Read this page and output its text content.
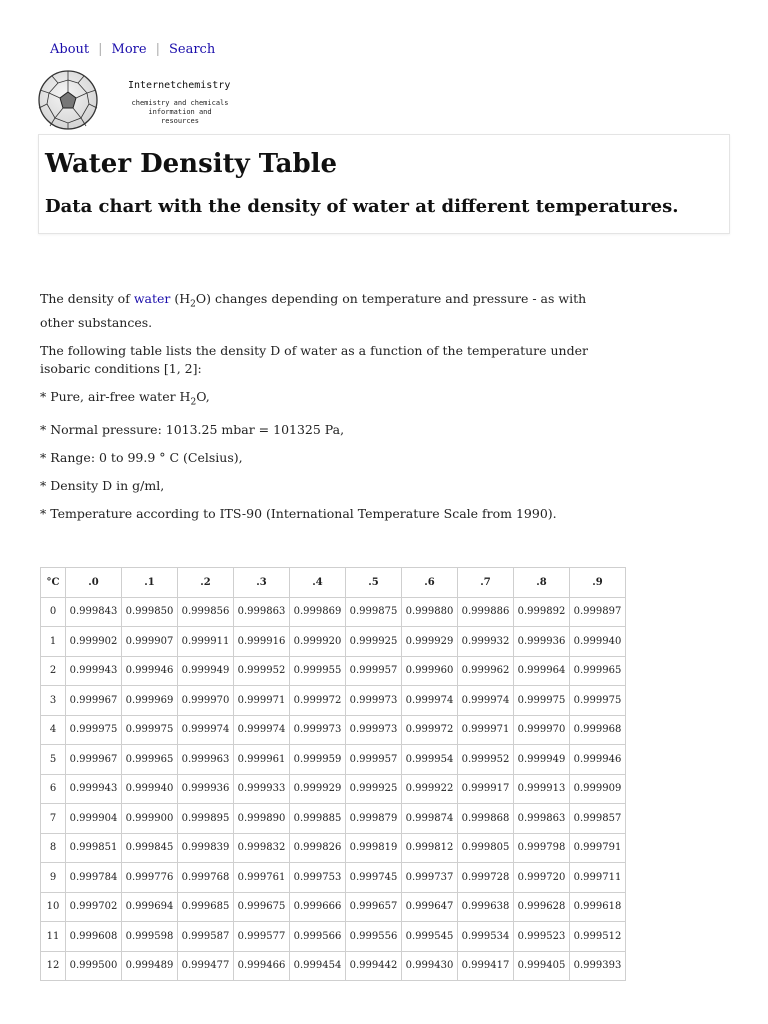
About | More | Search
Internetchemistry
chemistry and chemicals information and resources
Water Density Table
Data chart with the density of water at different temperatures.

The density of water $(H_2O)$ changes depending on temperature and pressure - as with other substances.

The following table lists the density D of water as a function of the temperature under isobaric conditions [1, 2]:

* Pure, air-free water $H_2O$,

* Normal pressure: 1013.25 mbar = 101325 Pa,

* Range: 0 to 99.9 ° C (Celsius),

* Density D in g/ml,

* Temperature according to ITS-90 (International Temperature Scale from 1990).

°C	.0	.1	.2	.3	.4	.5	.6	.7	.8	.9
0	0.999843	0.999850	0.999856	0.999863	0.999869	0.999875	0.999880	0.999886	0.999892	0.999897
1	0.999902	0.999907	0.999911	0.999916	0.999920	0.999925	0.999929	0.999932	0.999936	0.999940
2	0.999943	0.999946	0.999949	0.999952	0.999955	0.999957	0.999960	0.999962	0.999964	0.999965
3	0.999967	0.999969	0.999970	0.999971	0.999972	0.999973	0.999974	0.999974	0.999975	0.999975
4	0.999975	0.999975	0.999974	0.999974	0.999973	0.999973	0.999972	0.999971	0.999970	0.999968
5	0.999967	0.999965	0.999963	0.999961	0.999959	0.999957	0.999954	0.999952	0.999949	0.999946
6	0.999943	0.999940	0.999936	0.999933	0.999929	0.999925	0.999922	0.999917	0.999913	0.999909
7	0.999904	0.999900	0.999895	0.999890	0.999885	0.999879	0.999874	0.999868	0.999863	0.999857
8	0.999851	0.999845	0.999839	0.999832	0.999826	0.999819	0.999812	0.999805	0.999798	0.999791
9	0.999784	0.999776	0.999768	0.999761	0.999753	0.999745	0.999737	0.999728	0.999720	0.999711
10	0.999702	0.999694	0.999685	0.999675	0.999666	0.999657	0.999647	0.999638	0.999628	0.999618
11	0.999608	0.999598	0.999587	0.999577	0.999566	0.999556	0.999545	0.999534	0.999523	0.999512
12	0.999500	0.999489	0.999477	0.999466	0.999454	0.999442	0.999430	0.999417	0.999405	0.999393
